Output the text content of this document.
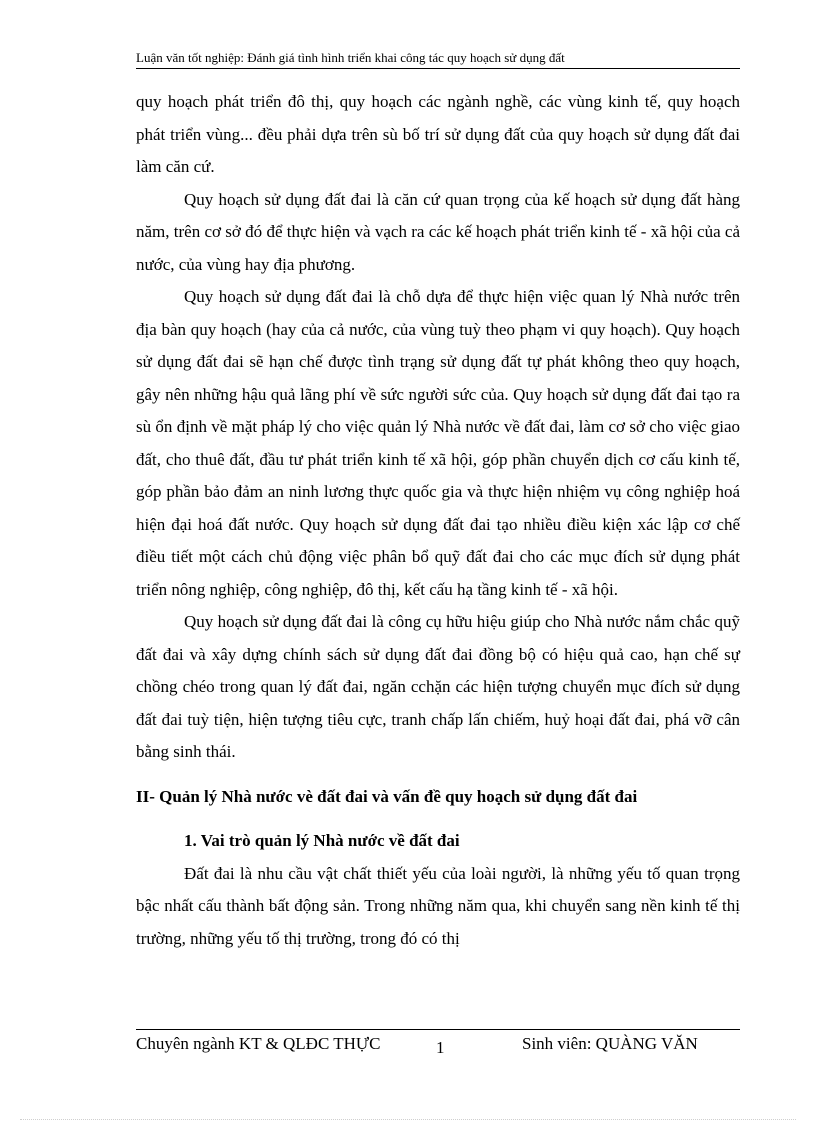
Luận văn tốt nghiệp: Đánh giá tình hình triển khai công tác quy hoạch sử dụng đất

quy hoạch phát triển đô thị, quy hoạch các ngành nghề, các vùng kinh tế, quy hoạch phát triển vùng... đều phải dựa trên sù bố trí sử dụng đất của quy hoạch sử dụng đất đai làm căn cứ.

Quy hoạch sử dụng đất đai là căn cứ quan trọng của kế hoạch sử dụng đất hàng năm, trên cơ sở đó để thực hiện và vạch ra các kế hoạch phát triển kinh tế - xã hội của cả nước, của vùng hay địa phương.

Quy hoạch sử dụng đất đai là chỗ dựa để thực hiện việc quan lý Nhà nước trên địa bàn quy hoạch (hay của cả nước, của vùng tuỳ theo phạm vi quy hoạch). Quy hoạch sử dụng đất đai sẽ hạn chế được tình trạng sử dụng đất tự phát không theo quy hoạch, gây nên những hậu quả lãng phí về sức người sức của. Quy hoạch sử dụng đất đai tạo ra sù ổn định về mặt pháp lý cho việc quản lý Nhà nước về đất đai, làm cơ sở cho việc giao đất, cho thuê đất, đầu tư phát triển kinh tế xã hội, góp phần chuyển dịch cơ cấu kinh tế, góp phần bảo đảm an ninh lương thực quốc gia và thực hiện nhiệm vụ công nghiệp hoá hiện đại hoá đất nước. Quy hoạch sử dụng đất đai tạo nhiều điều kiện xác lập cơ chế điều tiết một cách chủ động việc phân bổ quỹ đất đai cho các mục đích sử dụng phát triển nông nghiệp, công nghiệp, đô thị, kết cấu hạ tầng kinh tế - xã hội.

Quy hoạch sử dụng đất đai là công cụ hữu hiệu giúp cho Nhà nước nắm chắc quỹ đất đai và xây dựng chính sách sử dụng đất đai đồng bộ có hiệu quả cao, hạn chế sự chồng chéo trong quan lý đất đai, ngăn cchặn các hiện tượng chuyển mục đích sử dụng đất đai tuỳ tiện, hiện tượng tiêu cực, tranh chấp lấn chiếm, huỷ hoại đất đai, phá vỡ cân bằng sinh thái.

II- Quản lý Nhà nước vè đất đai và vấn đề quy hoạch sử dụng đất đai

1. Vai trò quản lý Nhà nước về đất đai

Đất đai là nhu cầu vật chất thiết yếu của loài người, là những yếu tố quan trọng bậc nhất cấu thành bất động sản. Trong những năm qua, khi chuyển sang nền kinh tế thị trường, những yếu tố thị trường, trong đó có thị

Chuyên ngành KT & QLĐC THỰC	1	Sinh viên: QUÀNG VĂN
